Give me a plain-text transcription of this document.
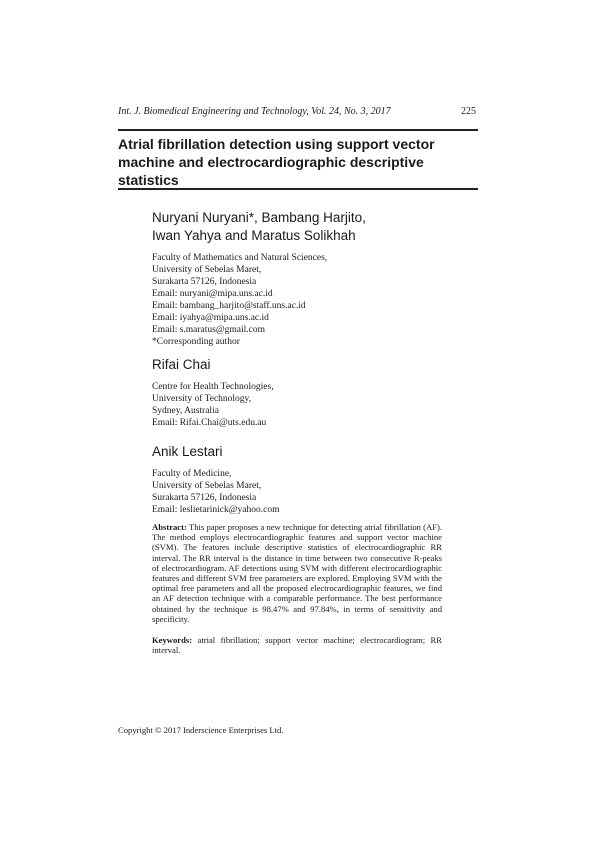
Int. J. Biomedical Engineering and Technology, Vol. 24, No. 3, 2017	225
Atrial fibrillation detection using support vector machine and electrocardiographic descriptive statistics
Nuryani Nuryani*, Bambang Harjito,
Iwan Yahya and Maratus Solikhah
Faculty of Mathematics and Natural Sciences,
University of Sebelas Maret,
Surakarta 57126, Indonesia
Email: nuryani@mipa.uns.ac.id
Email: bambang_harjito@staff.uns.ac.id
Email: iyahya@mipa.uns.ac.id
Email: s.maratus@gmail.com
*Corresponding author
Rifai Chai
Centre for Health Technologies,
University of Technology,
Sydney, Australia
Email: Rifai.Chai@uts.edu.au
Anik Lestari
Faculty of Medicine,
University of Sebelas Maret,
Surakarta 57126, Indonesia
Email: leslietarinick@yahoo.com
Abstract: This paper proposes a new technique for detecting atrial fibrillation (AF). The method employs electrocardiographic features and support vector machine (SVM). The features include descriptive statistics of electrocardiographic RR interval. The RR interval is the distance in time between two consecutive R-peaks of electrocardiogram. AF detections using SVM with different electrocardiographic features and different SVM free parameters are explored. Employing SVM with the optimal free parameters and all the proposed electrocardiographic features, we find an AF detection technique with a comparable performance. The best performance obtained by the technique is 98.47% and 97.84%, in terms of sensitivity and specificity.
Keywords: atrial fibrillation; support vector machine; electrocardiogram; RR interval.
Copyright © 2017 Inderscience Enterprises Ltd.
